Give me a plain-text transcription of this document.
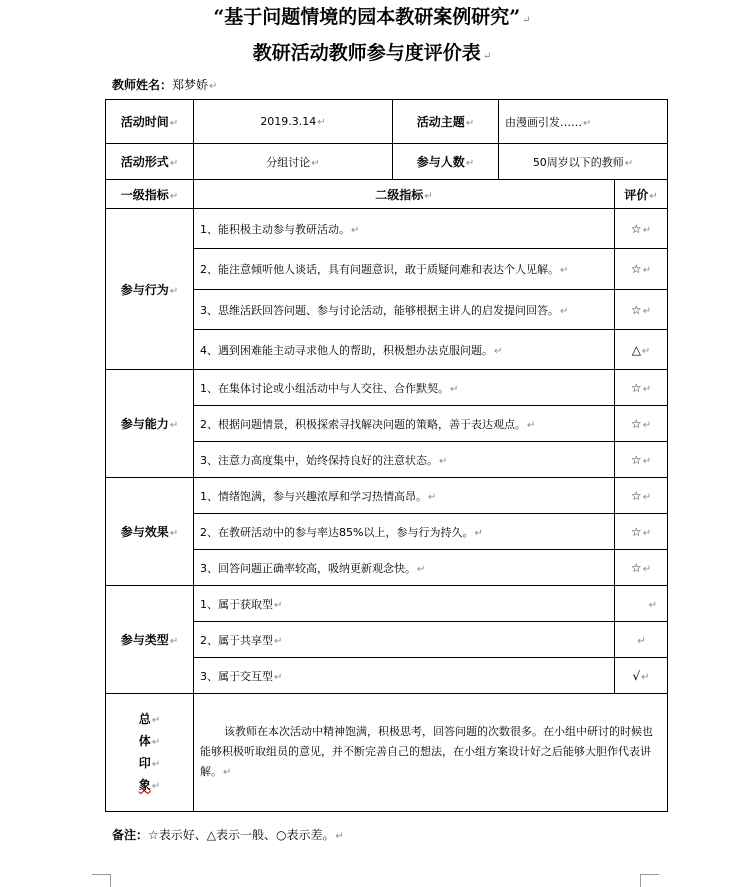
“基于问题情境的园本教研案例研究” ↵
教研活动教师参与度评价表 ↵
教师姓名：郑梦娇↵
活动时间↵	2019.3.14↵	活动主题↵	由漫画引发……↵	
活动形式↵	分组讨论↵	参与人数↵	50周岁以下的教师↵	
一级指标↵	二级指标↵			评价↵
参与行为↵	1、能积极主动参与教研活动。↵			☆↵
	2、能注意倾听他人谈话，具有问题意识，敢于质疑问难和表达个人见解。↵			☆↵
	3、思维活跃回答问题、参与讨论活动，能够根据主讲人的启发提问回答。↵			☆↵
	4、遇到困难能主动寻求他人的帮助，积极想办法克服问题。↵			△↵
参与能力↵	1、在集体讨论或小组活动中与人交往、合作默契。↵			☆↵
	2、根据问题情景，积极探索寻找解决问题的策略，善于表达观点。↵			☆↵
	3、注意力高度集中，始终保持良好的注意状态。↵			☆↵
参与效果↵	1、情绪饱满，参与兴趣浓厚和学习热情高昂。↵			☆↵
	2、在教研活动中的参与率达85%以上，参与行为持久。↵			☆↵
	3、回答问题正确率较高，吸纳更新观念快。↵			☆↵
参与类型↵	1、属于获取型↵			↵
	2、属于共享型↵			↵
	3、属于交互型↵			√↵

总↵
体↵
印↵
象↵	该教师在本次活动中精神饱满，积极思考，回答问题的次数很多。在小组中研讨的时候也能够积极听取组员的意见，并不断完善自己的想法，在小组方案设计好之后能够大胆作代表讲解。↵			

备注：☆表示好、△表示一般、○表示差。↵
